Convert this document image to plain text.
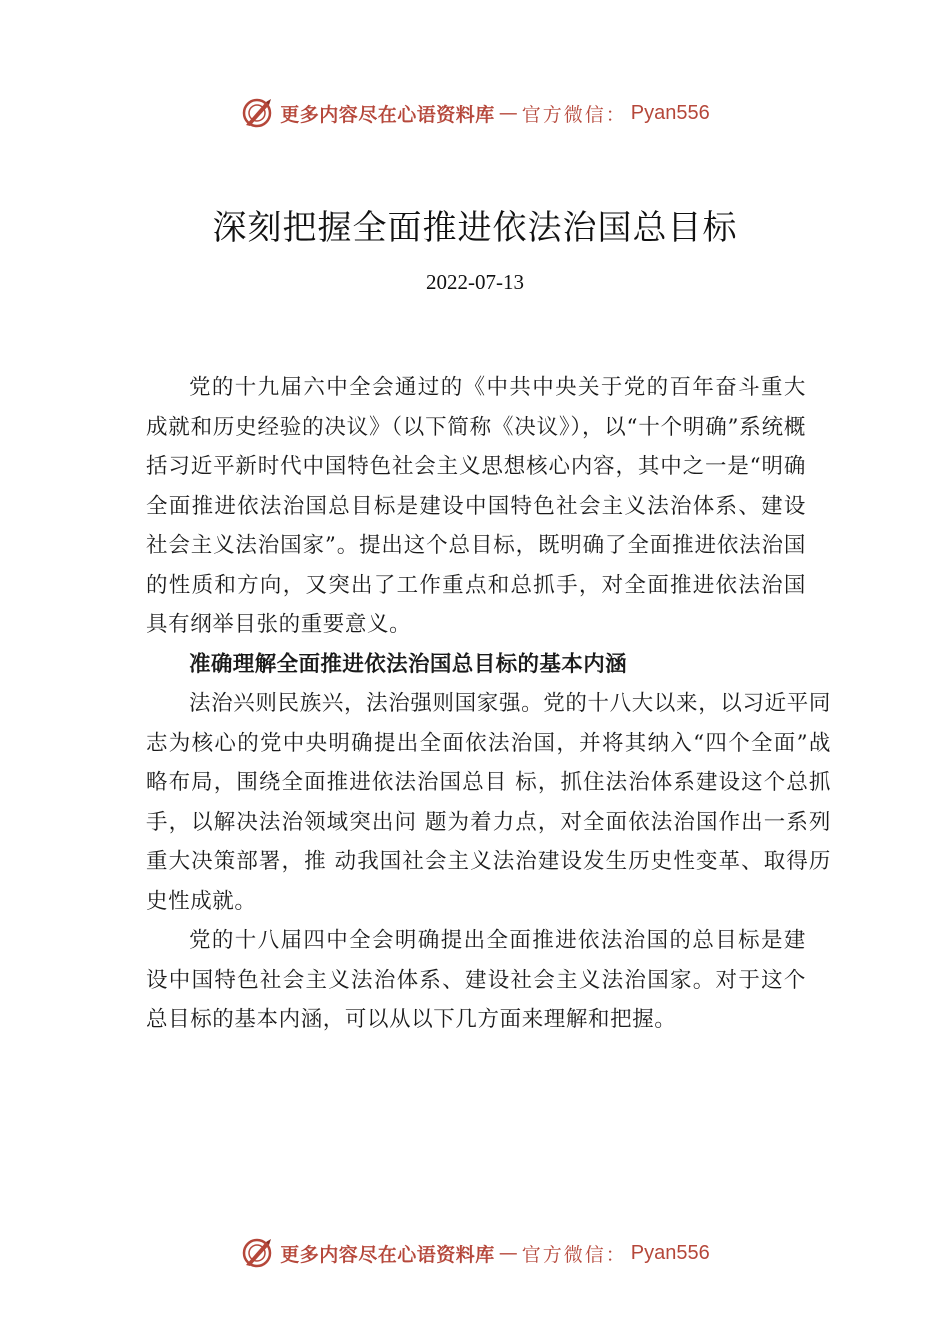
更多内容尽在心语资料库 — 官方微信： Pyan556
深刻把握全面推进依法治国总目标
2022-07-13

党的十九届六中全会通过的《中共中央关于党的百年奋斗重大成就和历史经验的决议》（以下简称《决议》），以“十个明确”系统概括习近平新时代中国特色社会主义思想核心内容，其中之一是“明确全面推进依法治国总目标是建设中国特色社会主义法治体系、建设社会主义法治国家”。提出这个总目标，既明确了全面推进依法治国的性质和方向，又突出了工作重点和总抓手，对全面推进依法治国具有纲举目张的重要意义。

准确理解全面推进依法治国总目标的基本内涵

法治兴则民族兴，法治强则国家强。党的十八大以来，以习近平同志为核心的党中央明确提出全面依法治国，并将其纳入“四个全面”战略布局，围绕全面推进依法治国总目 标，抓住法治体系建设这个总抓手，以解决法治领域突出问 题为着力点，对全面依法治国作出一系列重大决策部署，推 动我国社会主义法治建设发生历史性变革、取得历史性成就。

党的十八届四中全会明确提出全面推进依法治国的总目标是建设中国特色社会主义法治体系、建设社会主义法治国家。对于这个总目标的基本内涵，可以从以下几方面来理解和把握。

更多内容尽在心语资料库 — 官方微信： Pyan556
